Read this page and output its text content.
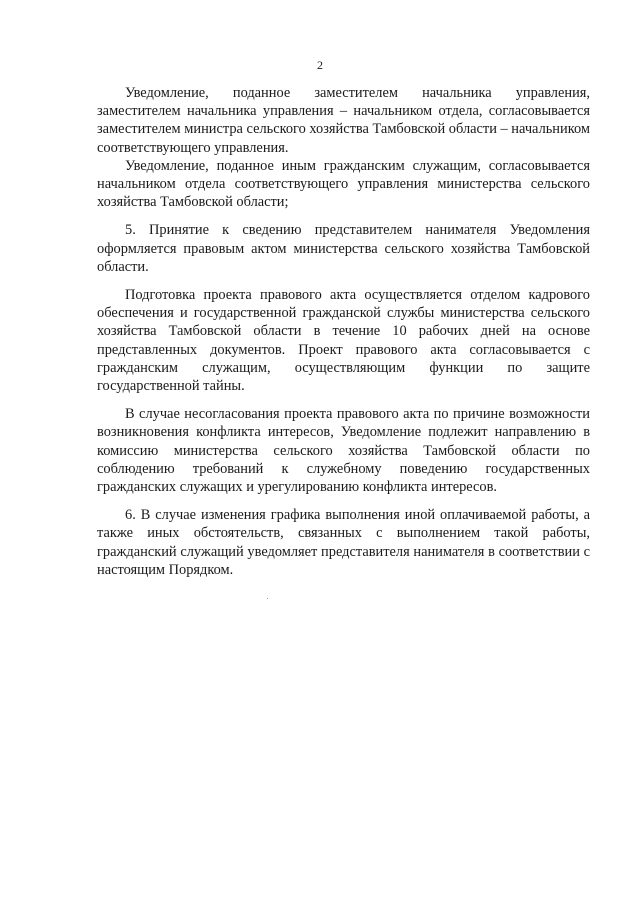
2

Уведомление, поданное заместителем начальника управления, заместителем начальника управления – начальником отдела, согласовывается заместителем министра сельского хозяйства Тамбовской области – начальником соответствующего управления.

Уведомление, поданное иным гражданским служащим, согласовывается начальником отдела соответствующего управления министерства сельского хозяйства Тамбовской области;

5. Принятие к сведению представителем нанимателя Уведомления оформляется правовым актом министерства сельского хозяйства Тамбовской области.

Подготовка проекта правового акта осуществляется отделом кадрового обеспечения и государственной гражданской службы министерства сельского хозяйства Тамбовской области в течение 10 рабочих дней на основе представленных документов. Проект правового акта согласовывается с гражданским служащим, осуществляющим функции по защите государственной тайны.

В случае несогласования проекта правового акта по причине возможности возникновения конфликта интересов, Уведомление подлежит направлению в комиссию министерства сельского хозяйства Тамбовской области по соблюдению требований к служебному поведению государственных гражданских служащих и урегулированию конфликта интересов.

6. В случае изменения графика выполнения иной оплачиваемой работы, а также иных обстоятельств, связанных с выполнением такой работы, гражданский служащий уведомляет представителя нанимателя в соответствии с настоящим Порядком.
